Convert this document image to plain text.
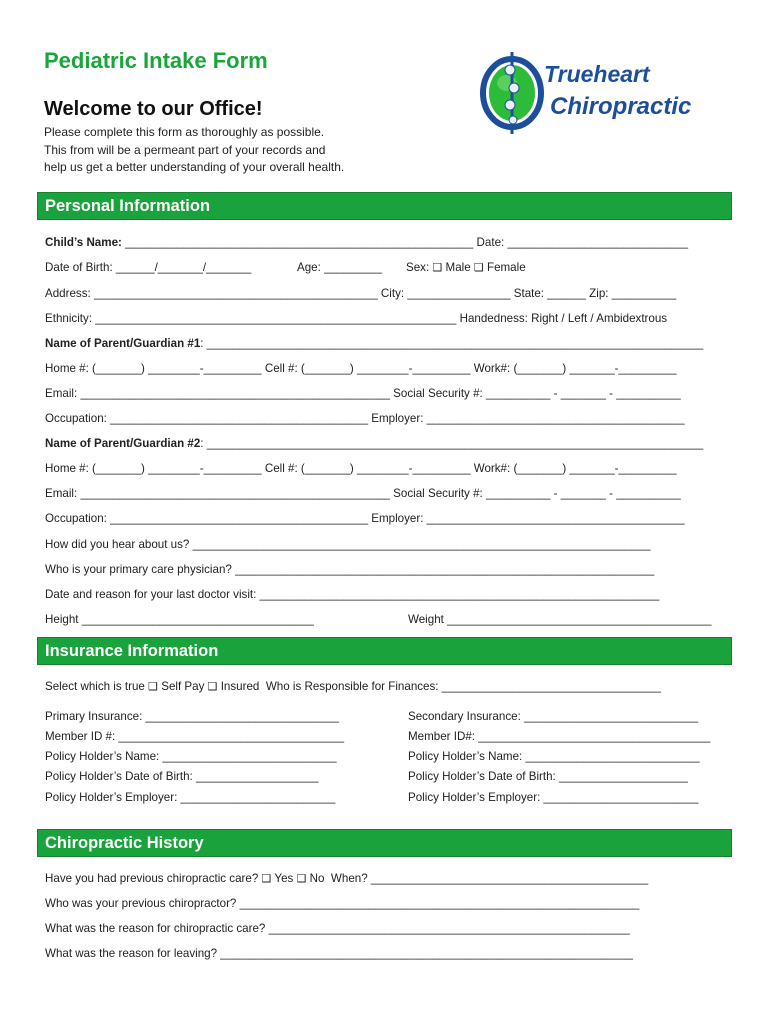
Pediatric Intake Form
Welcome to our Office!

Please complete this form as thoroughly as possible.
This from will be a permeant part of your records and
help us get a better understanding of your overall health.

Trueheart
Chiropractic
Personal Information
Child’s Name: ______________________________________________________ Date: ____________________________
Date of Birth: ______/_______/_______	Age: _________ Sex: ❑ Male ❑ Female
Address: ____________________________________________ City: ________________ State: ______ Zip: __________
Ethnicity: ________________________________________________________ Handedness: Right / Left / Ambidextrous
Name of Parent/Guardian #1: _____________________________________________________________________________
Home #: (_______) ________-_________ Cell #: (_______) ________-_________ Work#: (_______) _______-_________
Email: ________________________________________________ Social Security #: __________ - _______ - __________
Occupation: ________________________________________ Employer: ________________________________________
Name of Parent/Guardian #2: _____________________________________________________________________________
Home #: (_______) ________-_________ Cell #: (_______) ________-_________ Work#: (_______) _______-_________
Email: ________________________________________________ Social Security #: __________ - _______ - __________
Occupation: ________________________________________ Employer: ________________________________________
How did you hear about us? _______________________________________________________________________
Who is your primary care physician? _________________________________________________________________
Date and reason for your last doctor visit: ______________________________________________________________
Height ____________________________________	Weight _________________________________________
Insurance Information
Select which is true ❑ Self Pay ❑ Insured  Who is Responsible for Finances: __________________________________
Primary Insurance: ______________________________
Member ID #: ___________________________________
Policy Holder’s Name: ___________________________
Policy Holder’s Date of Birth: ___________________
Policy Holder’s Employer: ________________________
Secondary Insurance: ___________________________
Member ID#: ____________________________________
Policy Holder’s Name: ___________________________
Policy Holder’s Date of Birth: ____________________
Policy Holder’s Employer: ________________________
Chiropractic History
Have you had previous chiropractic care? ❑ Yes ❑ No  When? ___________________________________________
Who was your previous chiropractor? ______________________________________________________________
What was the reason for chiropractic care? ________________________________________________________
What was the reason for leaving? ________________________________________________________________
